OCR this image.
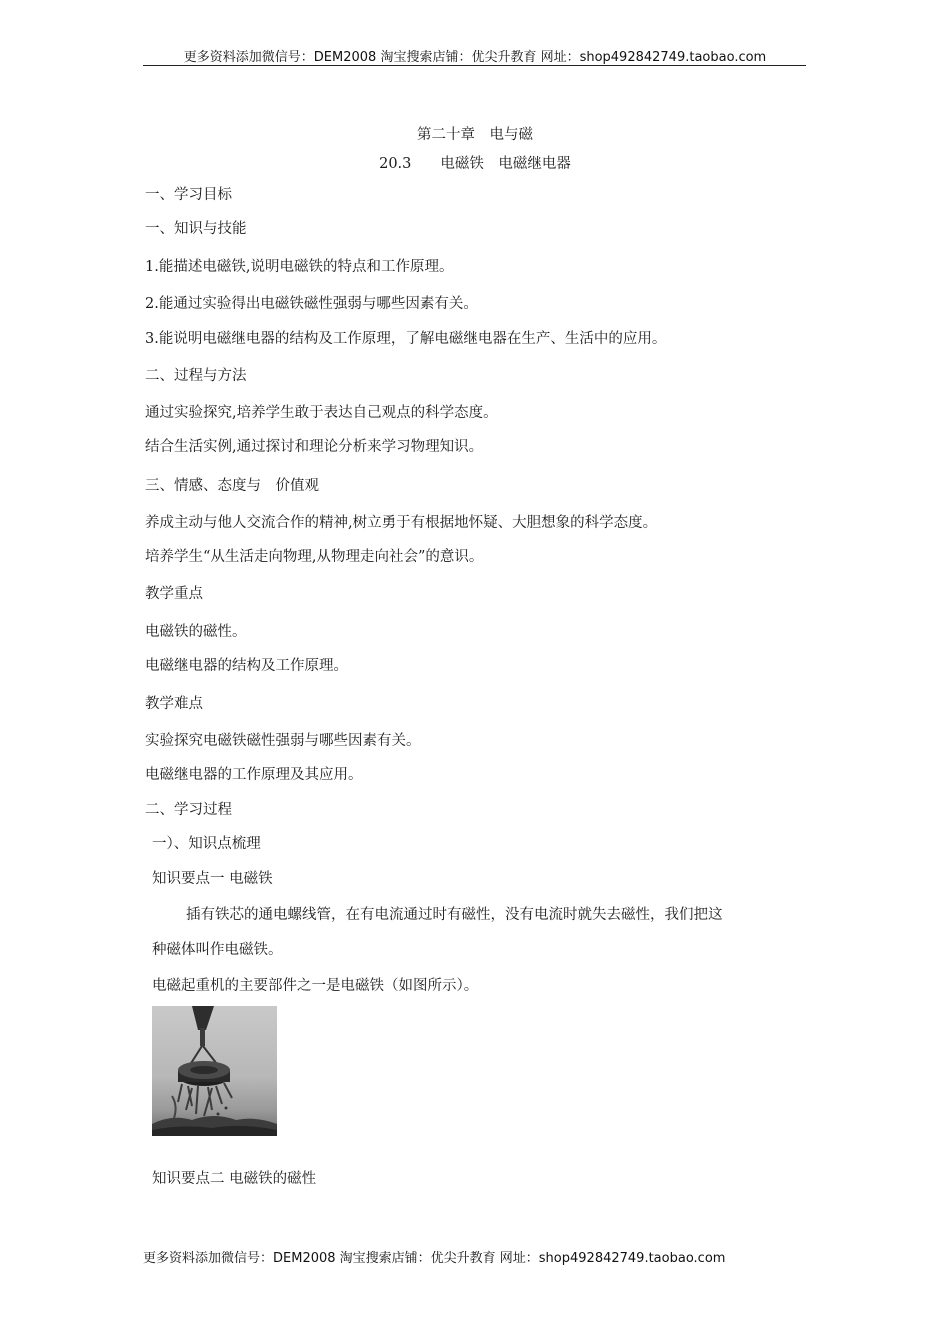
更多资料添加微信号：DEM2008 淘宝搜索店铺：优尖升教育 网址：shop492842749.taobao.com
第二十章　电与磁
20.3　　电磁铁　电磁继电器
一、学习目标
一、知识与技能
1.能描述电磁铁,说明电磁铁的特点和工作原理。
2.能通过实验得出电磁铁磁性强弱与哪些因素有关。
3.能说明电磁继电器的结构及工作原理，了解电磁继电器在生产、生活中的应用。
二、过程与方法
通过实验探究,培养学生敢于表达自己观点的科学态度。
结合生活实例,通过探讨和理论分析来学习物理知识。
三、情感、态度与　价值观
养成主动与他人交流合作的精神,树立勇于有根据地怀疑、大胆想象的科学态度。
培养学生“从生活走向物理,从物理走向社会”的意识。
教学重点
电磁铁的磁性。
电磁继电器的结构及工作原理。
教学难点
实验探究电磁铁磁性强弱与哪些因素有关。
电磁继电器的工作原理及其应用。
二、学习过程
一）、知识点梳理
知识要点一 电磁铁
插有铁芯的通电螺线管，在有电流通过时有磁性，没有电流时就失去磁性，我们把这
种磁体叫作电磁铁。
电磁起重机的主要部件之一是电磁铁（如图所示）。
知识要点二 电磁铁的磁性
更多资料添加微信号：DEM2008 淘宝搜索店铺：优尖升教育 网址：shop492842749.taobao.com
